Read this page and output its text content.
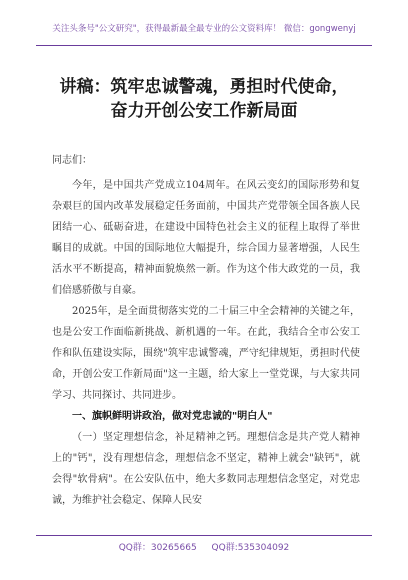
关注头条号"公文研究"，获得最新最全最专业的公文资料库！ 微信：gongwenyj
讲稿：筑牢忠诚警魂，勇担时代使命，
奋力开创公安工作新局面

同志们：

今年，是中国共产党成立104周年。在风云变幻的国际形势和复杂艰巨的国内改革发展稳定任务面前，中国共产党带领全国各族人民团结一心、砥砺奋进，在建设中国特色社会主义的征程上取得了举世瞩目的成就。中国的国际地位大幅提升，综合国力显著增强，人民生活水平不断提高，精神面貌焕然一新。作为这个伟大政党的一员，我们倍感骄傲与自豪。

2025年，是全面贯彻落实党的二十届三中全会精神的关键之年，也是公安工作面临新挑战、新机遇的一年。在此，我结合全市公安工作和队伍建设实际，围绕"筑牢忠诚警魂，严守纪律规矩，勇担时代使命，开创公安工作新局面"这一主题，给大家上一堂党课，与大家共同学习、共同探讨、共同进步。

一、旗帜鲜明讲政治，做对党忠诚的"明白人"

（一）坚定理想信念，补足精神之钙。理想信念是共产党人精神上的"钙"，没有理想信念，理想信念不坚定，精神上就会"缺钙"，就会得"软骨病"。在公安队伍中，绝大多数同志理想信念坚定，对党忠诚，为维护社会稳定、保障人民安

QQ群：30265665 QQ群:535304092
